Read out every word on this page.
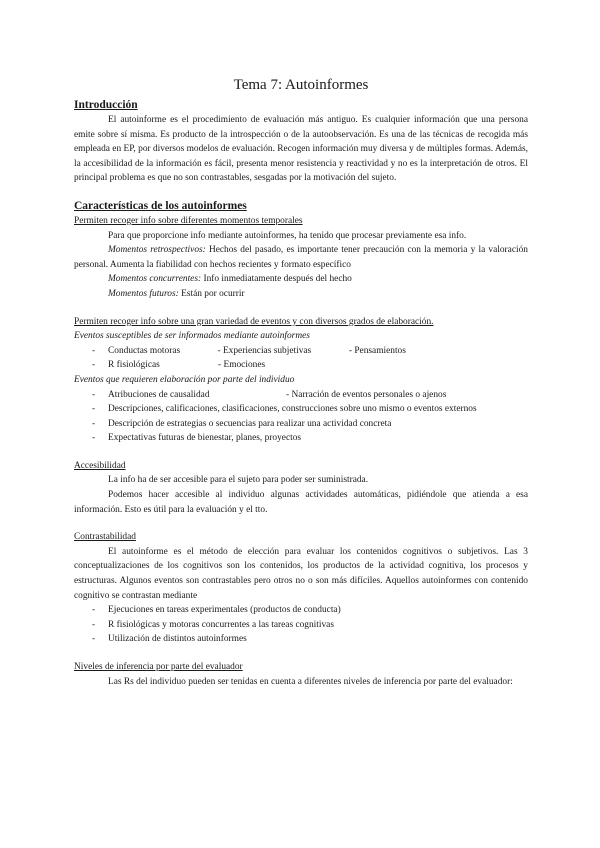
Tema 7: Autoinformes
Introducción

El autoinforme es el procedimiento de evaluación más antiguo. Es cualquier información que una persona emite sobre sí misma. Es producto de la introspección o de la autoobservación. Es una de las técnicas de recogida más empleada en EP, por diversos modelos de evaluación. Recogen información muy diversa y de múltiples formas. Además, la accesibilidad de la información es fácil, presenta menor resistencia y reactividad y no es la interpretación de otros. El principal problema es que no son contrastables, sesgadas por la motivación del sujeto.

Características de los autoinformes

Permiten recoger info sobre diferentes momentos temporales

Para que proporcione info mediante autoinformes, ha tenido que procesar previamente esa info.

Momentos retrospectivos: Hechos del pasado, es importante tener precaución con la memoria y la valoración personal. Aumenta la fiabilidad con hechos recientes y formato específico

Momentos concurrentes: Info inmediatamente después del hecho

Momentos futuros: Están por ocurrir

Permiten recoger info sobre una gran variedad de eventos y con diversos grados de elaboración.

Eventos susceptibles de ser informados mediante autoinformes

- Conductas motoras	- Experiencias subjetivas	- Pensamientos
- R fisiológicas	- Emociones

Eventos que requieren elaboración por parte del individuo

- Atribuciones de causalidad	- Narración de eventos personales o ajenos
- Descripciones, calificaciones, clasificaciones, construcciones sobre uno mismo o eventos externos
- Descripción de estrategias o secuencias para realizar una actividad concreta
- Expectativas futuras de bienestar, planes, proyectos

Accesibilidad

La info ha de ser accesible para el sujeto para poder ser suministrada.

Podemos hacer accesible al individuo algunas actividades automáticas, pidiéndole que atienda a esa información. Esto es útil para la evaluación y el tto.

Contrastabilidad

El autoinforme es el método de elección para evaluar los contenidos cognitivos o subjetivos. Las 3 conceptualizaciones de los cognitivos son los contenidos, los productos de la actividad cognitiva, los procesos y estructuras. Algunos eventos son contrastables pero otros no o son más difíciles. Aquellos autoinformes con contenido cognitivo se contrastan mediante

- Ejecuciones en tareas experimentales (productos de conducta)
- R fisiológicas y motoras concurrentes a las tareas cognitivas
- Utilización de distintos autoinformes

Niveles de inferencia por parte del evaluador

Las Rs del individuo pueden ser tenidas en cuenta a diferentes niveles de inferencia por parte del evaluador:
